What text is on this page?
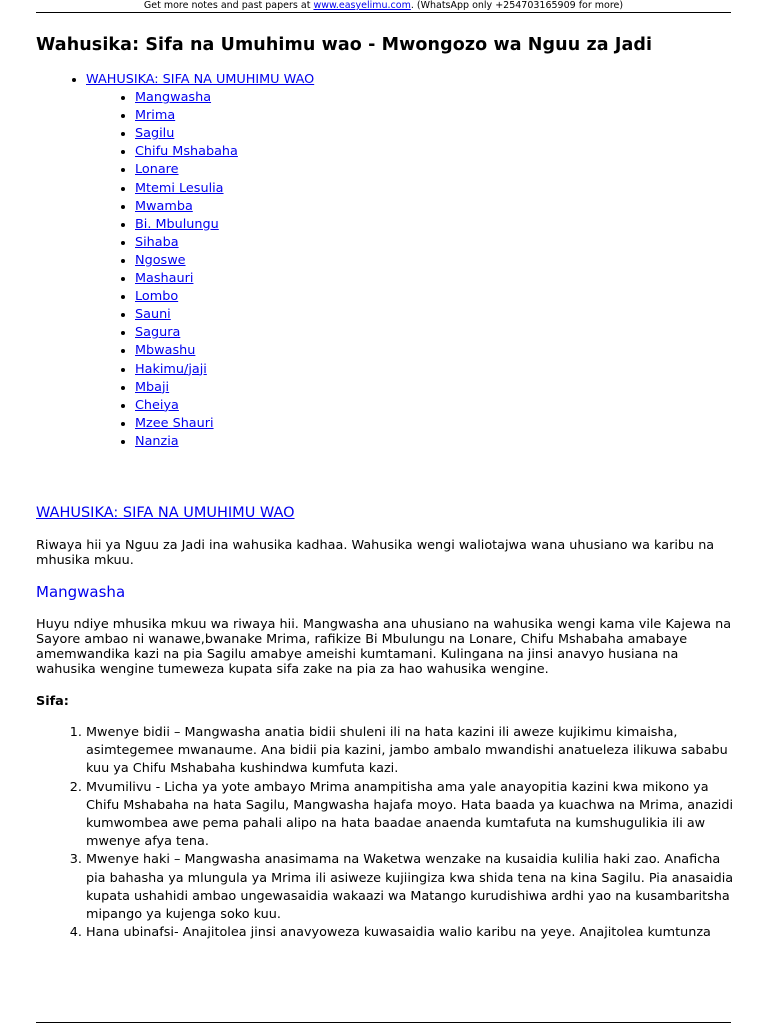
Get more notes and past papers at www.easyelimu.com. (WhatsApp only +254703165909 for more)
Wahusika: Sifa na Umuhimu wao - Mwongozo wa Nguu za Jadi
• WAHUSIKA: SIFA NA UMUHIMU WAO
• Mangwasha
• Mrima
• Sagilu
• Chifu Mshabaha
• Lonare
• Mtemi Lesulia
• Mwamba
• Bi. Mbulungu
• Sihaba
• Ngoswe
• Mashauri
• Lombo
• Sauni
• Sagura
• Mbwashu
• Hakimu/jaji
• Mbaji
• Cheiya
• Mzee Shauri
• Nanzia
WAHUSIKA: SIFA NA UMUHIMU WAO

Riwaya hii ya Nguu za Jadi ina wahusika kadhaa. Wahusika wengi waliotajwa wana uhusiano wa karibu na mhusika mkuu.

Mangwasha

Huyu ndiye mhusika mkuu wa riwaya hii. Mangwasha ana uhusiano na wahusika wengi kama vile Kajewa na Sayore ambao ni wanawe,bwanake Mrima, rafikize Bi Mbulungu na Lonare, Chifu Mshabaha amabaye amemwandika kazi na pia Sagilu amabye ameishi kumtamani. Kulingana na jinsi anavyo husiana na wahusika wengine tumeweza kupata sifa zake na pia za hao wahusika wengine.

Sifa:

1. Mwenye bidii – Mangwasha anatia bidii shuleni ili na hata kazini ili aweze kujikimu kimaisha, asimtegemee mwanaume. Ana bidii pia kazini, jambo ambalo mwandishi anatueleza ilikuwa sababu kuu ya Chifu Mshabaha kushindwa kumfuta kazi.
2. Mvumilivu - Licha ya yote ambayo Mrima anampitisha ama yale anayopitia kazini kwa mikono ya Chifu Mshabaha na hata Sagilu, Mangwasha hajafa moyo. Hata baada ya kuachwa na Mrima, anazidi kumwombea awe pema pahali alipo na hata baadae anaenda kumtafuta na kumshugulikia ili aw mwenye afya tena.
3. Mwenye haki – Mangwasha anasimama na Waketwa wenzake na kusaidia kulilia haki zao. Anaficha pia bahasha ya mlungula ya Mrima ili asiweze kujiingiza kwa shida tena na kina Sagilu. Pia anasaidia kupata ushahidi ambao ungewasaidia wakaazi wa Matango kurudishiwa ardhi yao na kusambaritsha mipango ya kujenga soko kuu.
4. Hana ubinafsi- Anajitolea jinsi anavyoweza kuwasaidia walio karibu na yeye. Anajitolea kumtunza
